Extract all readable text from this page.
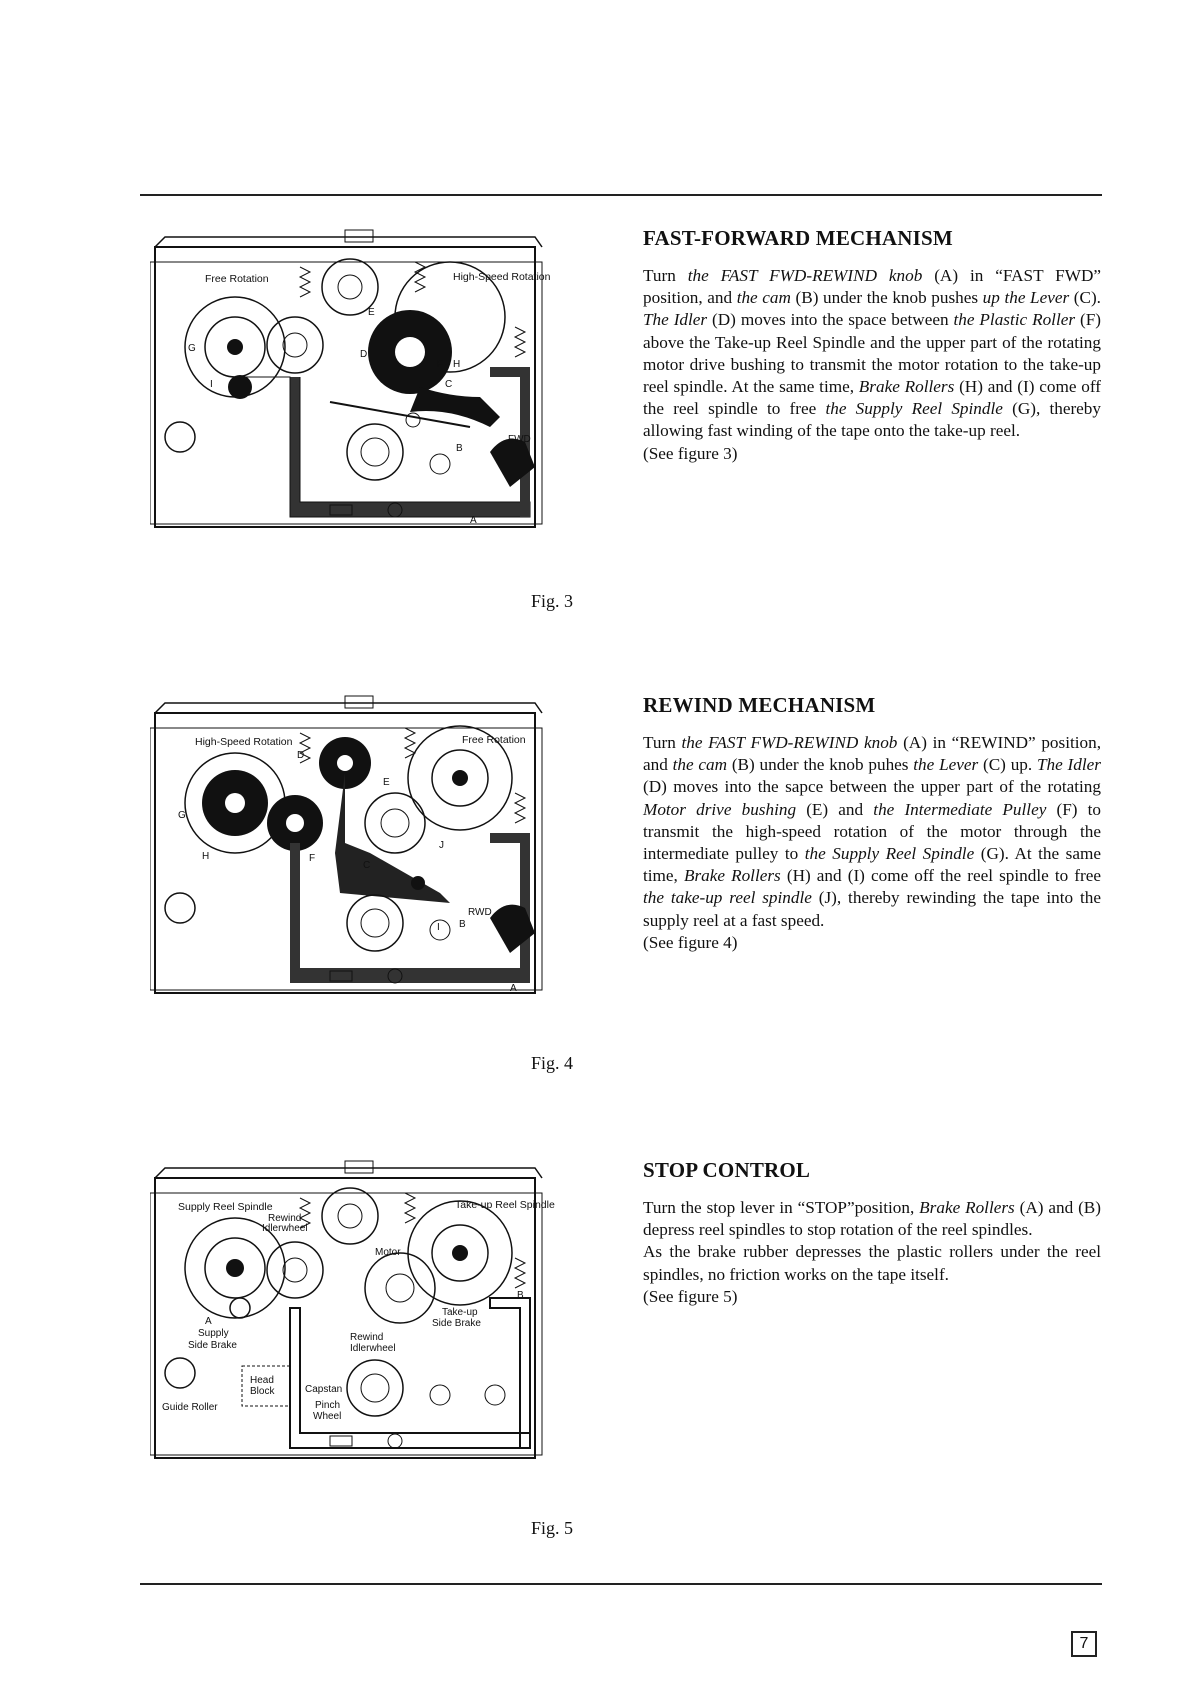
FAST-FORWARD MECHANISM

Turn the FAST FWD-REWIND knob (A) in “FAST FWD” position, and the cam (B) under the knob pushes up the Lever (C). The Idler (D) moves into the space between the Plastic Roller (F) above the Take-up Reel Spindle and the upper part of the rotating motor drive bushing to transmit the motor rotation to the take-up reel spindle. At the same time, Brake Rollers (H) and (I) come off the reel spindle to free the Supply Reel Spindle (G), thereby allowing fast winding of the tape onto the take-up reel.

(See figure 3)

REWIND MECHANISM

Turn the FAST FWD-REWIND knob (A) in “REWIND” position, and the cam (B) under the knob puhes the Lever (C) up. The Idler (D) moves into the sapce between the upper part of the rotating Motor drive bushing (E) and the Intermediate Pulley (F) to transmit the high-speed rotation of the motor through the intermediate pulley to the Supply Reel Spindle (G). At the same time, Brake Rollers (H) and (I) come off the reel spindle to free the take-up reel spindle (J), thereby rewinding the tape into the supply reel at a fast speed.

(See figure 4)

STOP CONTROL

Turn the stop lever in “STOP”position, Brake Rollers (A) and (B) depress reel spindles to stop rotation of the reel spindles.

As the brake rubber depresses the plastic rollers under the reel spindles, no friction works on the tape itself.

(See figure 5)

Free Rotation	High-Speed Rotation
E
D
F H
C
G
I
B
A
FWD
Fig. 3
High-Speed Rotation	Free Rotation
D
E
G
H	F
J
I
C
B
A
RWD
Fig. 4
Supply Reel Spindle	Take-up Reel Spindle
Rewind
Idlerwheel
Motor
Take-up
Side Brake
Supply
Side Brake
Rewind
Idlerwheel
Capstan
Head
Block
Guide Roller	Pinch
Wheel
A
B
Fig. 5
7
